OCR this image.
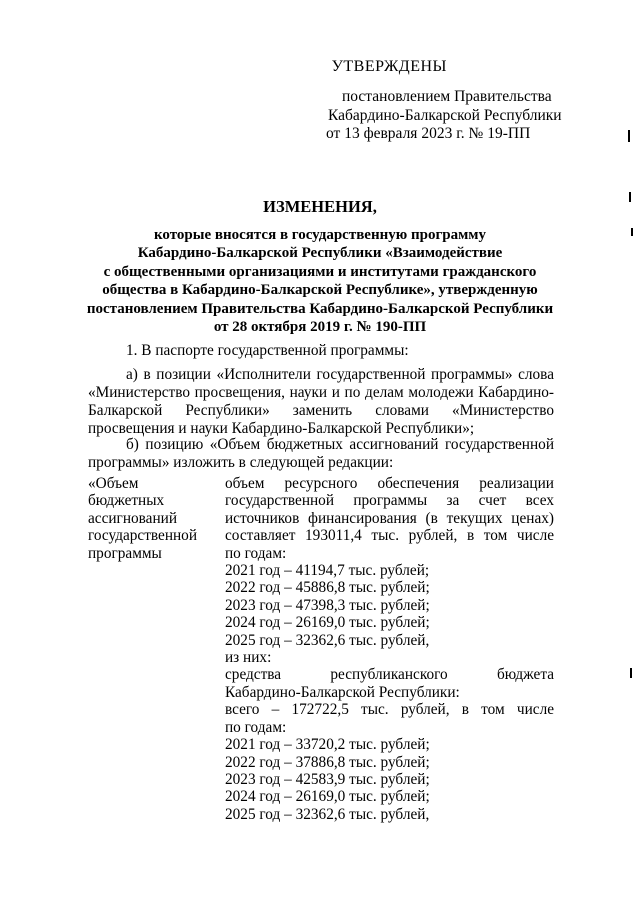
УТВЕРЖДЕНЫ
постановлением Правительства
Кабардино-Балкарской Республики
от 13 февраля 2023 г. № 19-ПП
ИЗМЕНЕНИЯ,
которые вносятся в государственную программу
Кабардино-Балкарской Республики «Взаимодействие
с общественными организациями и институтами гражданского
общества в Кабардино-Балкарской Республике», утвержденную
постановлением Правительства Кабардино-Балкарской Республики
от 28 октября 2019 г. № 190-ПП
1. В паспорте государственной программы:
а) в позиции «Исполнители государственной программы» слова «Министерство просвещения, науки и по делам молодежи Кабардино-Балкарской Республики» заменить словами «Министерство просвещения и науки Кабардино-Балкарской Республики»;
б) позицию «Объем бюджетных ассигнований государственной программы» изложить в следующей редакции:
«Объем
бюджетных
ассигнований
государственной
программы
объем ресурсного обеспечения реализации
государственной программы за счет всех
источников финансирования (в текущих ценах)
составляет 193011,4 тыс. рублей, в том числе
по годам:
2021 год – 41194,7 тыс. рублей;
2022 год – 45886,8 тыс. рублей;
2023 год – 47398,3 тыс. рублей;
2024 год – 26169,0 тыс. рублей;
2025 год – 32362,6 тыс. рублей,
из них:
средства республиканского бюджета
Кабардино-Балкарской Республики:
всего – 172722,5 тыс. рублей, в том числе
по годам:
2021 год – 33720,2 тыс. рублей;
2022 год – 37886,8 тыс. рублей;
2023 год – 42583,9 тыс. рублей;
2024 год – 26169,0 тыс. рублей;
2025 год – 32362,6 тыс. рублей,
